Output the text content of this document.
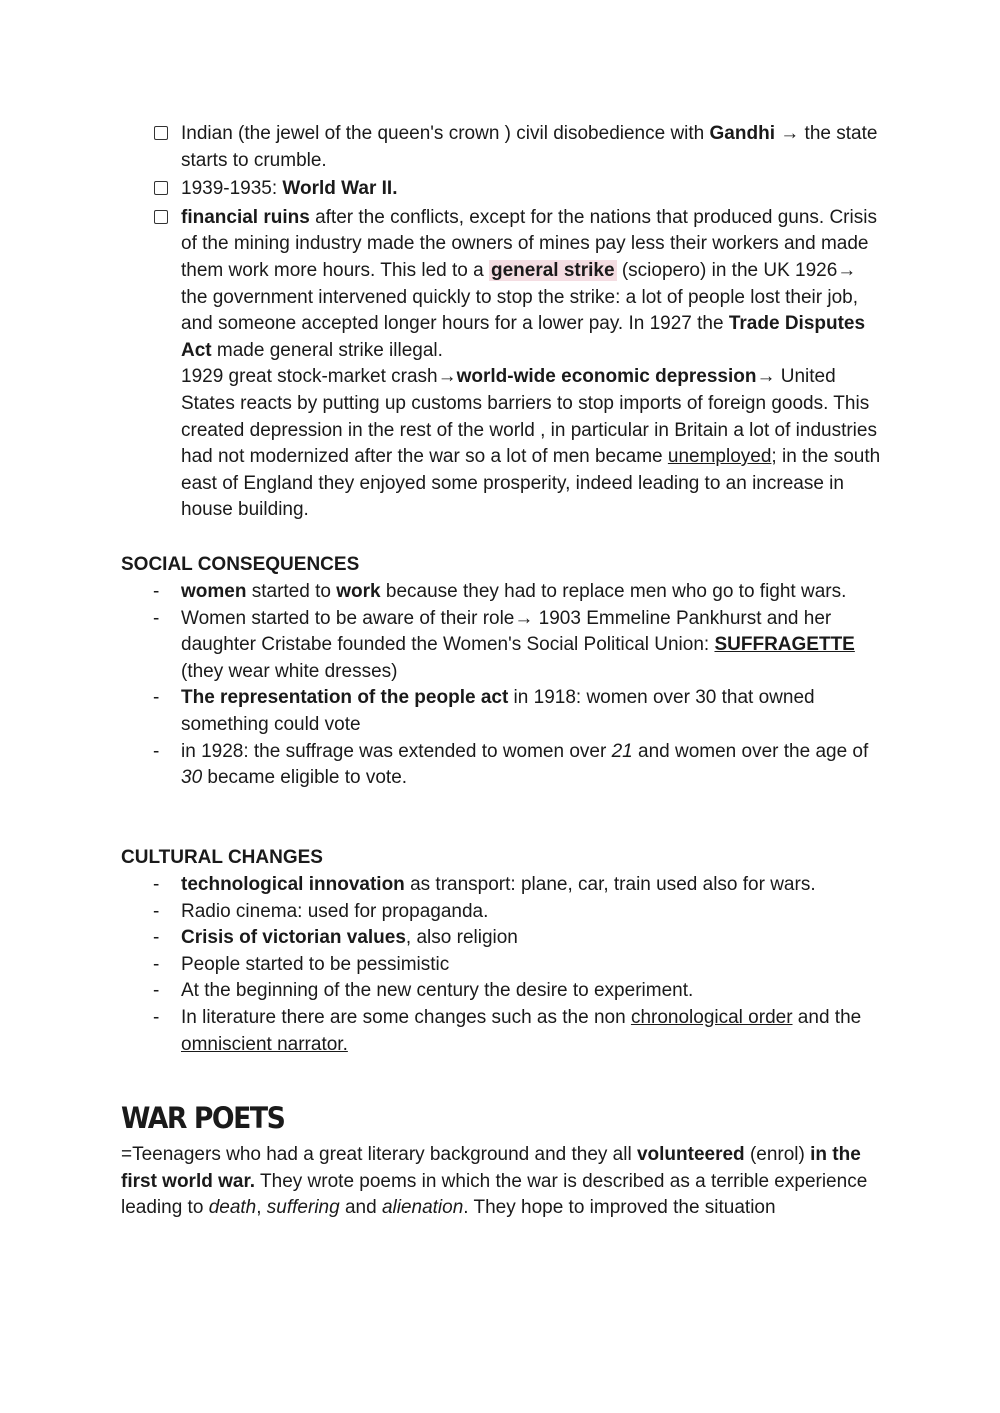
Indian (the jewel of the queen's crown ) civil disobedience with Gandhi → the state starts to crumble.
1939-1935: World War II.
financial ruins after the conflicts, except for the nations that produced guns. Crisis of the mining industry made the owners of mines pay less their workers and made them work more hours. This led to a general strike (sciopero) in the UK 1926→ the government intervened quickly to stop the strike: a lot of people lost their job, and someone accepted longer hours for a lower pay. In 1927 the Trade Disputes Act made general strike illegal.
1929 great stock-market crash→world-wide economic depression→ United States reacts by putting up customs barriers to stop imports of foreign goods. This created depression in the rest of the world , in particular in Britain a lot of industries had not modernized after the war so a lot of men became unemployed; in the south east of England they enjoyed some prosperity, indeed leading to an increase in house building.
SOCIAL CONSEQUENCES
- women started to work because they had to replace men who go to fight wars.
- Women started to be aware of their role→ 1903 Emmeline Pankhurst and her daughter Cristabe founded the Women's Social Political Union: SUFFRAGETTE (they wear white dresses)
- The representation of the people act in 1918: women over 30 that owned something could vote
- in 1928: the suffrage was extended to women over 21 and women over the age of 30 became eligible to vote.
CULTURAL CHANGES
- technological innovation as transport: plane, car, train used also for wars.
- Radio cinema: used for propaganda.
- Crisis of victorian values, also religion
- People started to be pessimistic
- At the beginning of the new century the desire to experiment.
- In literature there are some changes such as the non chronological order and the omniscient narrator.
WAR POETS

=Teenagers who had a great literary background and they all volunteered (enrol) in the first world war. They wrote poems in which the war is described as a terrible experience leading to death, suffering and alienation. They hope to improved the situation
